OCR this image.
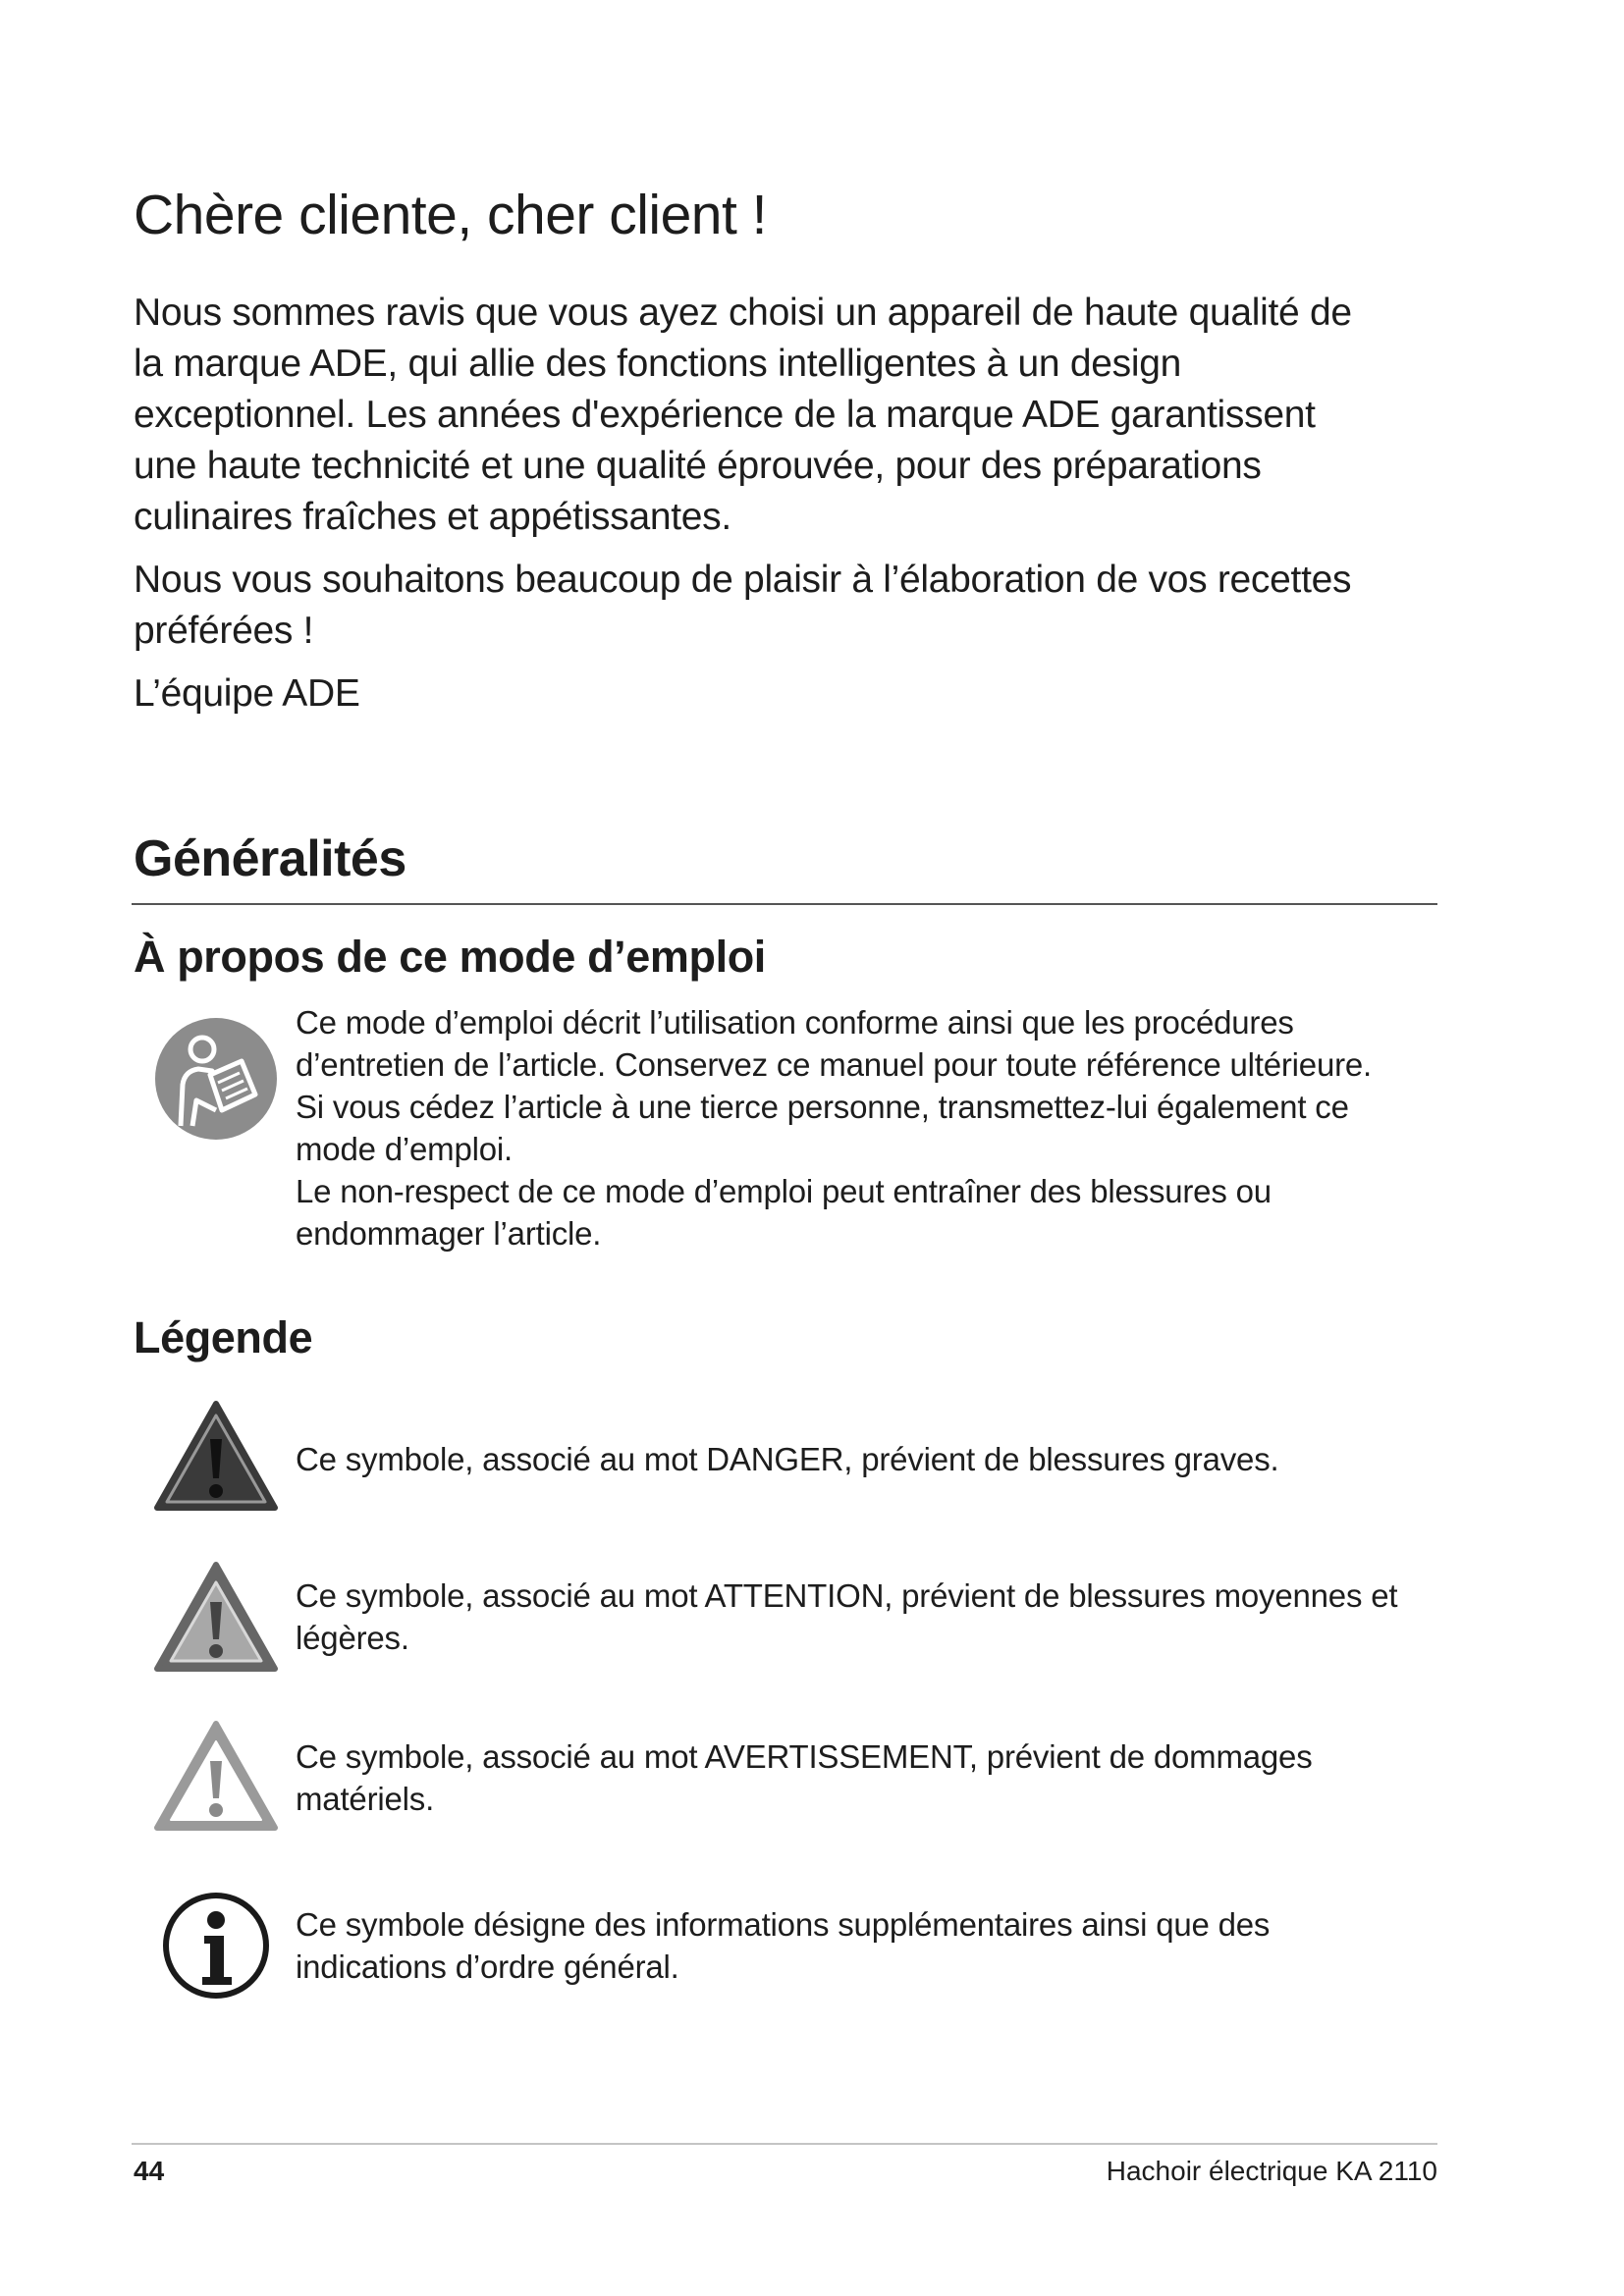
Chère cliente, cher client !

Nous sommes ravis que vous ayez choisi un appareil de haute qualité de la marque ADE, qui allie des fonctions intelligentes à un design exceptionnel. Les années d'expérience de la marque ADE garantissent une haute technicité et une qualité éprouvée, pour des préparations culinaires fraîches et appétissantes.

Nous vous souhaitons beaucoup de plaisir à l’élaboration de vos recettes préférées !

L’équipe ADE

Généralités
À propos de ce mode d’emploi

Ce mode d’emploi décrit l’utilisation conforme ainsi que les procédures d’entretien de l’article. Conservez ce manuel pour toute référence ultérieure. Si vous cédez l’article à une tierce personne, transmettez-lui également ce mode d’emploi.

Le non-respect de ce mode d’emploi peut entraîner des blessures ou endommager l’article.

Légende

Ce symbole, associé au mot DANGER, prévient de blessures graves.

Ce symbole, associé au mot ATTENTION, prévient de blessures moyennes et légères.

Ce symbole, associé au mot AVERTISSEMENT, prévient de dommages matériels.

Ce symbole désigne des informations supplémentaires ainsi que des indications d’ordre général.

44	Hachoir électrique KA 2110
